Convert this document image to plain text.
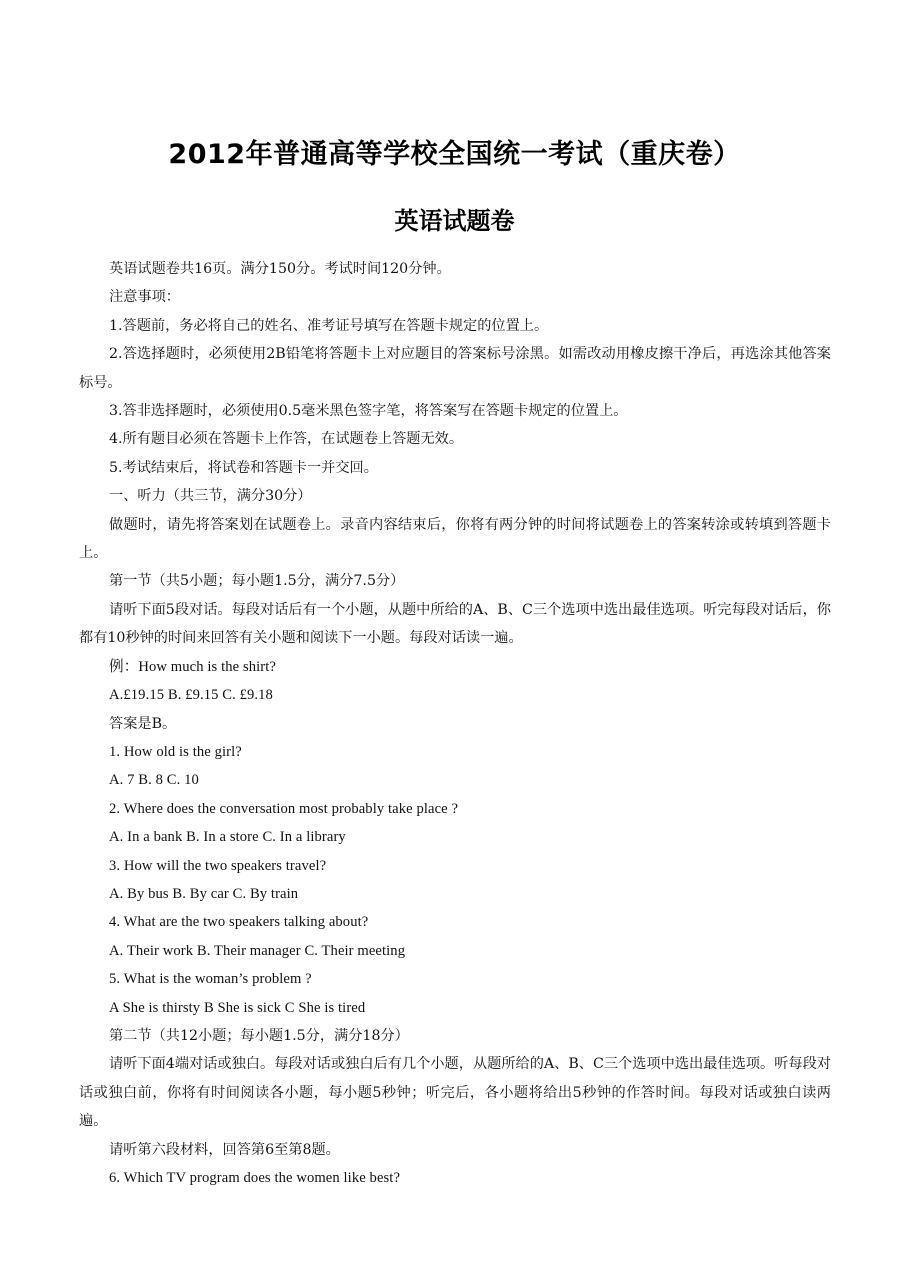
2012年普通高等学校全国统一考试（重庆卷）
英语试题卷

英语试题卷共16页。满分150分。考试时间120分钟。

注意事项：

1.答题前，务必将自己的姓名、准考证号填写在答题卡规定的位置上。

2.答选择题时，必须使用2B铅笔将答题卡上对应题目的答案标号涂黑。如需改动用橡皮擦干净后，再选涂其他答案标号。

3.答非选择题时，必须使用0.5毫米黑色签字笔，将答案写在答题卡规定的位置上。

4.所有题目必须在答题卡上作答，在试题卷上答题无效。

5.考试结束后，将试卷和答题卡一并交回。

一、听力（共三节，满分30分）

做题时，请先将答案划在试题卷上。录音内容结束后，你将有两分钟的时间将试题卷上的答案转涂或转填到答题卡上。

第一节（共5小题；每小题1.5分，满分7.5分）

请听下面5段对话。每段对话后有一个小题，从题中所给的A、B、C三个选项中选出最佳选项。听完每段对话后，你都有10秒钟的时间来回答有关小题和阅读下一小题。每段对话读一遍。

例：How much is the shirt?

A.£19.15 B. £9.15 C. £9.18

答案是B。

1. How old is the girl?

A. 7 B. 8 C. 10

2. Where does the conversation most probably take place ?

A. In a bank B. In a store C. In a library

3. How will the two speakers travel?

A. By bus B. By car C. By train

4. What are the two speakers talking about?

A. Their work B. Their manager C. Their meeting

5. What is the woman’s problem ?

A She is thirsty B She is sick C She is tired

第二节（共12小题；每小题1.5分，满分18分）

请听下面4端对话或独白。每段对话或独白后有几个小题，从题所给的A、B、C三个选项中选出最佳选项。听每段对话或独白前，你将有时间阅读各小题，每小题5秒钟；听完后，各小题将给出5秒钟的作答时间。每段对话或独白读两遍。

请听第六段材料，回答第6至第8题。

6. Which TV program does the women like best?
